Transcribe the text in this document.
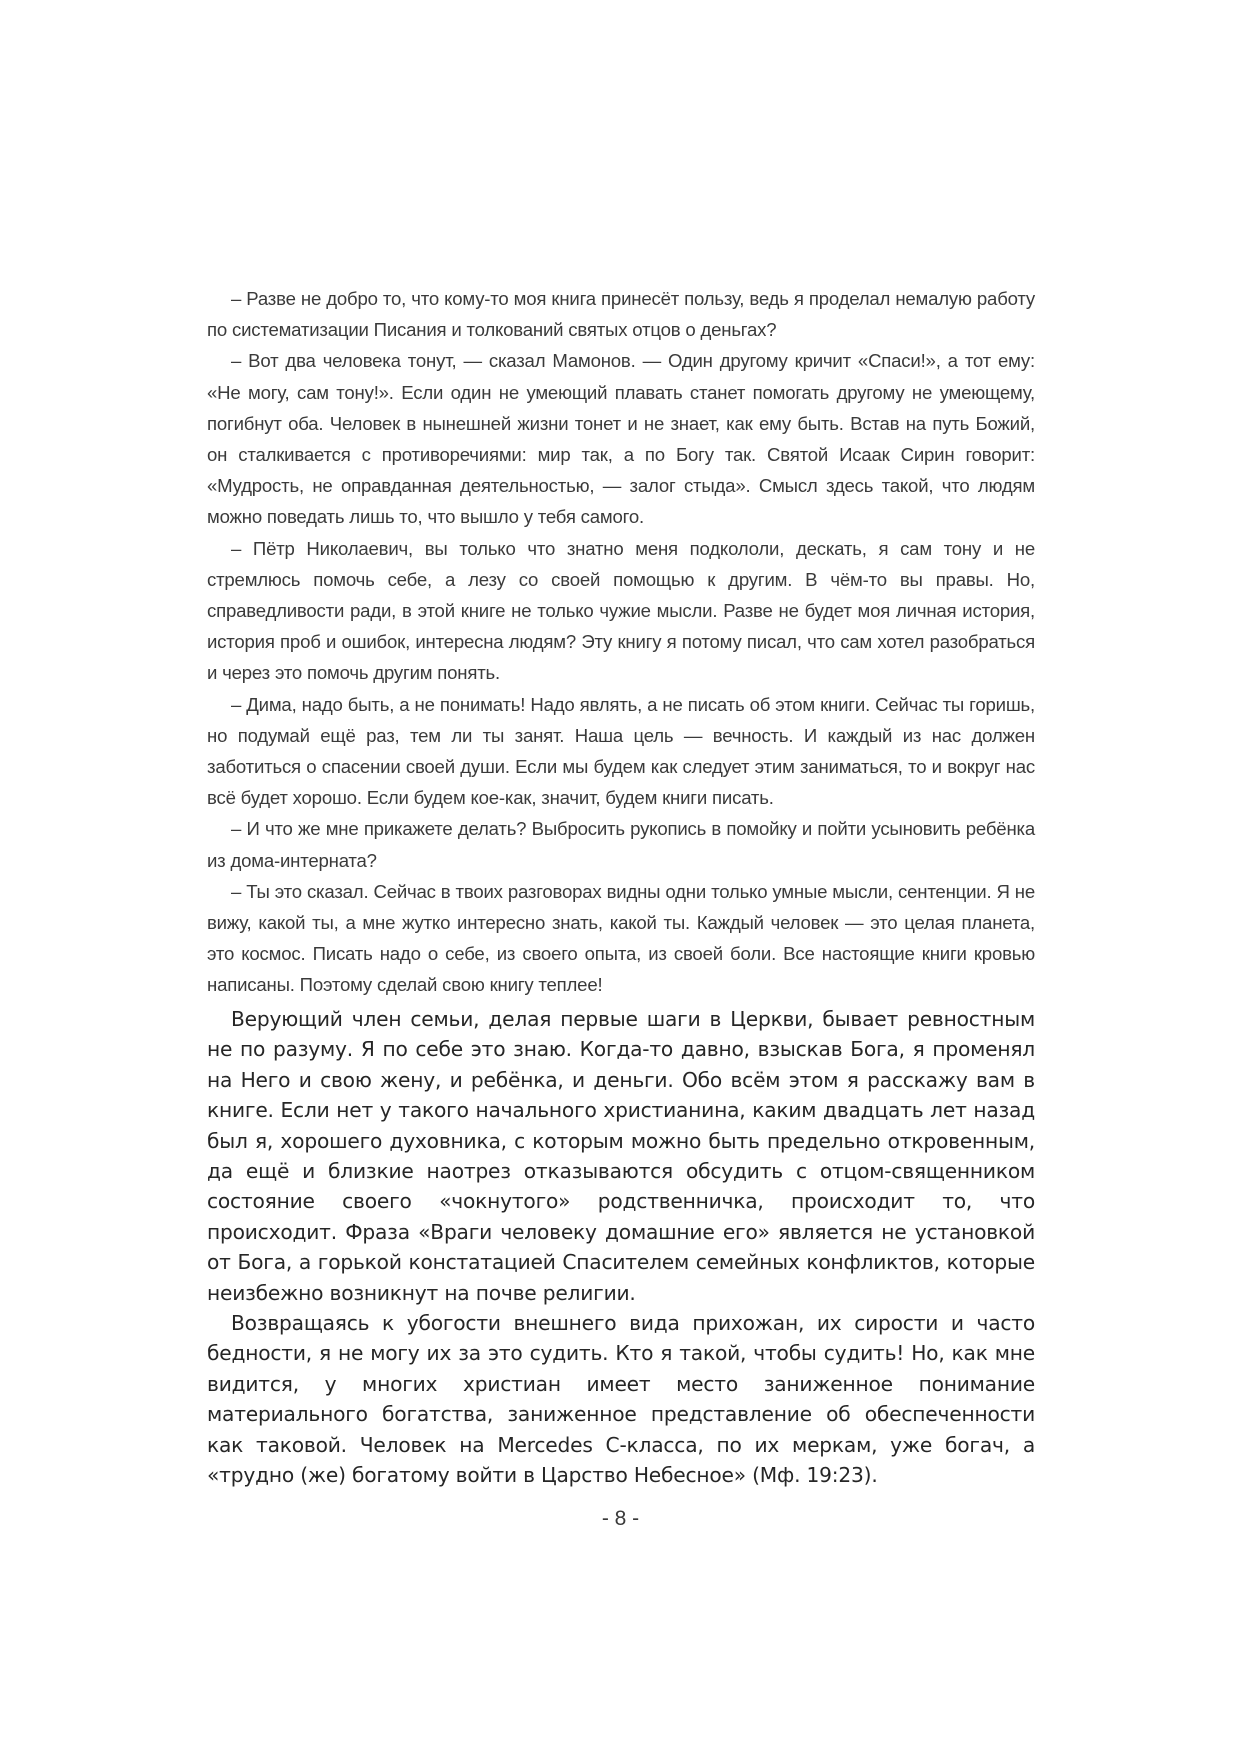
– Разве не добро то, что кому-то моя книга принесёт пользу, ведь я проделал немалую работу по систематизации Писания и толкований святых отцов о деньгах?

– Вот два человека тонут, — сказал Мамонов. — Один другому кричит «Спаси!», а тот ему: «Не могу, сам тону!». Если один не умеющий плавать станет помогать другому не умеющему, погибнут оба. Человек в нынешней жизни тонет и не знает, как ему быть. Встав на путь Божий, он сталкивается с противоречиями: мир так, а по Богу так. Святой Исаак Сирин говорит: «Мудрость, не оправданная деятельностью, — залог стыда». Смысл здесь такой, что людям можно поведать лишь то, что вышло у тебя самого.

– Пётр Николаевич, вы только что знатно меня подкололи, дескать, я сам тону и не стремлюсь помочь себе, а лезу со своей помощью к другим. В чём-то вы правы. Но, справедливости ради, в этой книге не только чужие мысли. Разве не будет моя личная история, история проб и ошибок, интересна людям? Эту книгу я потому писал, что сам хотел разобраться и через это помочь другим понять.

– Дима, надо быть, а не понимать! Надо являть, а не писать об этом книги. Сейчас ты горишь, но подумай ещё раз, тем ли ты занят. Наша цель — вечность. И каждый из нас должен заботиться о спасении своей души. Если мы будем как следует этим заниматься, то и вокруг нас всё будет хорошо. Если будем кое-как, значит, будем книги писать.

– И что же мне прикажете делать? Выбросить рукопись в помойку и пойти усыновить ребёнка из дома-интерната?

– Ты это сказал. Сейчас в твоих разговорах видны одни только умные мысли, сентенции. Я не вижу, какой ты, а мне жутко интересно знать, какой ты. Каждый человек — это целая планета, это космос. Писать надо о себе, из своего опыта, из своей боли. Все настоящие книги кровью написаны. Поэтому сделай свою книгу теплее!

Верующий член семьи, делая первые шаги в Церкви, бывает ревностным не по разуму. Я по себе это знаю. Когда-то давно, взыскав Бога, я променял на Него и свою жену, и ребёнка, и деньги. Обо всём этом я расскажу вам в книге. Если нет у такого начального христианина, каким двадцать лет назад был я, хорошего духовника, с которым можно быть предельно откровенным, да ещё и близкие наотрез отказываются обсудить с отцом-священником состояние своего «чокнутого» родственничка, происходит то, что происходит. Фраза «Враги человеку домашние его» является не установкой от Бога, а горькой констатацией Спасителем семейных конфликтов, которые неизбежно возникнут на почве религии.

Возвращаясь к убогости внешнего вида прихожан, их сирости и часто бедности, я не могу их за это судить. Кто я такой, чтобы судить! Но, как мне видится, у многих христиан имеет место заниженное понимание материального богатства, заниженное представление об обеспеченности как таковой. Человек на Mercedes С-класса, по их меркам, уже богач, а «трудно (же) богатому войти в Царство Небесное» (Мф. 19:23).

- 8 -
